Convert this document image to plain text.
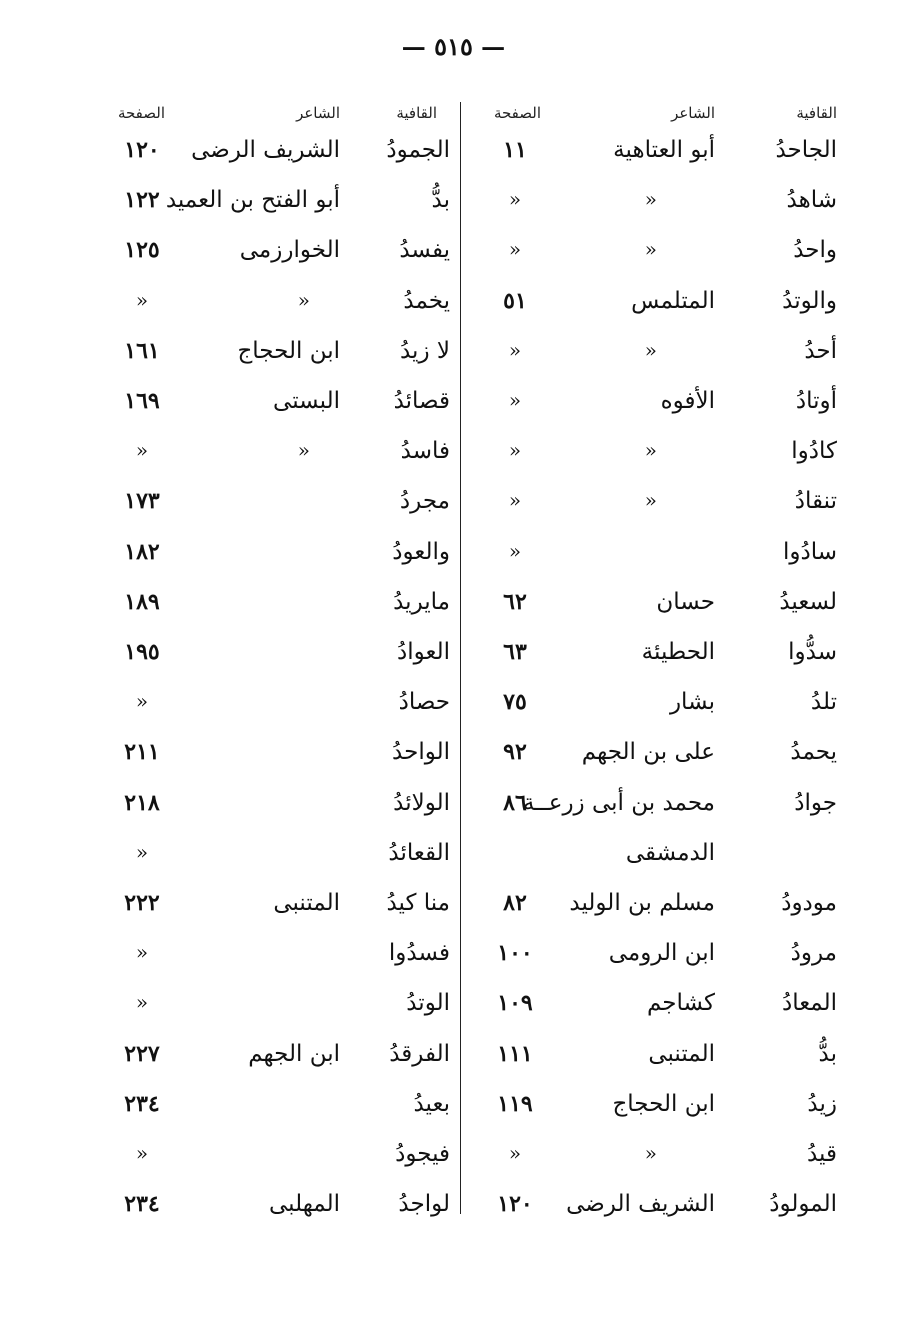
— ٥١٥ —
القافية
الشاعر
الصفحة
القافية
الشاعر
الصفحة
الجاحدُ
أبو العتاهية
١١
الجمودُ
الشريف الرضى
١٢٠
شاهدُ
«
«
بدُّ
أبو الفتح بن العميد
١٢٢
واحدُ
«
«
يفسدُ
الخوارزمى
١٢٥
والوتدُ
المتلمس
٥١
يخمدُ
«
«
أحدُ
«
«
لا زيدُ
ابن الحجاج
١٦١
أوتادُ
الأفوه
«
قصائدُ
البستى
١٦٩
كادُوا
«
«
فاسدُ
«
«
تنقادُ
«
«
مجردُ
١٧٣
سادُوا
«
والعودُ
١٨٢
لسعيدُ
حسان
٦٢
مايريدُ
١٨٩
سدُّوا
الحطيئة
٦٣
العوادُ
١٩٥
تلدُ
بشار
٧٥
حصادُ
«
يحمدُ
على بن الجهم
٩٢
الواحدُ
٢١١
جوادُ
محمد بن أبى زرعــة
٨٦
الولائدُ
٢١٨
الدمشقى
القعائدُ
«
مودودُ
مسلم بن الوليد
٨٢
منا كيدُ
المتنبى
٢٢٢
مرودُ
ابن الرومى
١٠٠
فسدُوا
«
المعادُ
كشاجم
١٠٩
الوتدُ
«
بدُّ
المتنبى
١١١
الفرقدُ
ابن الجهم
٢٢٧
زيدُ
ابن الحجاج
١١٩
بعيدُ
٢٣٤
قيدُ
«
«
فيجودُ
«
المولودُ
الشريف الرضى
١٢٠
لواجدُ
المهلبى
٢٣٤
